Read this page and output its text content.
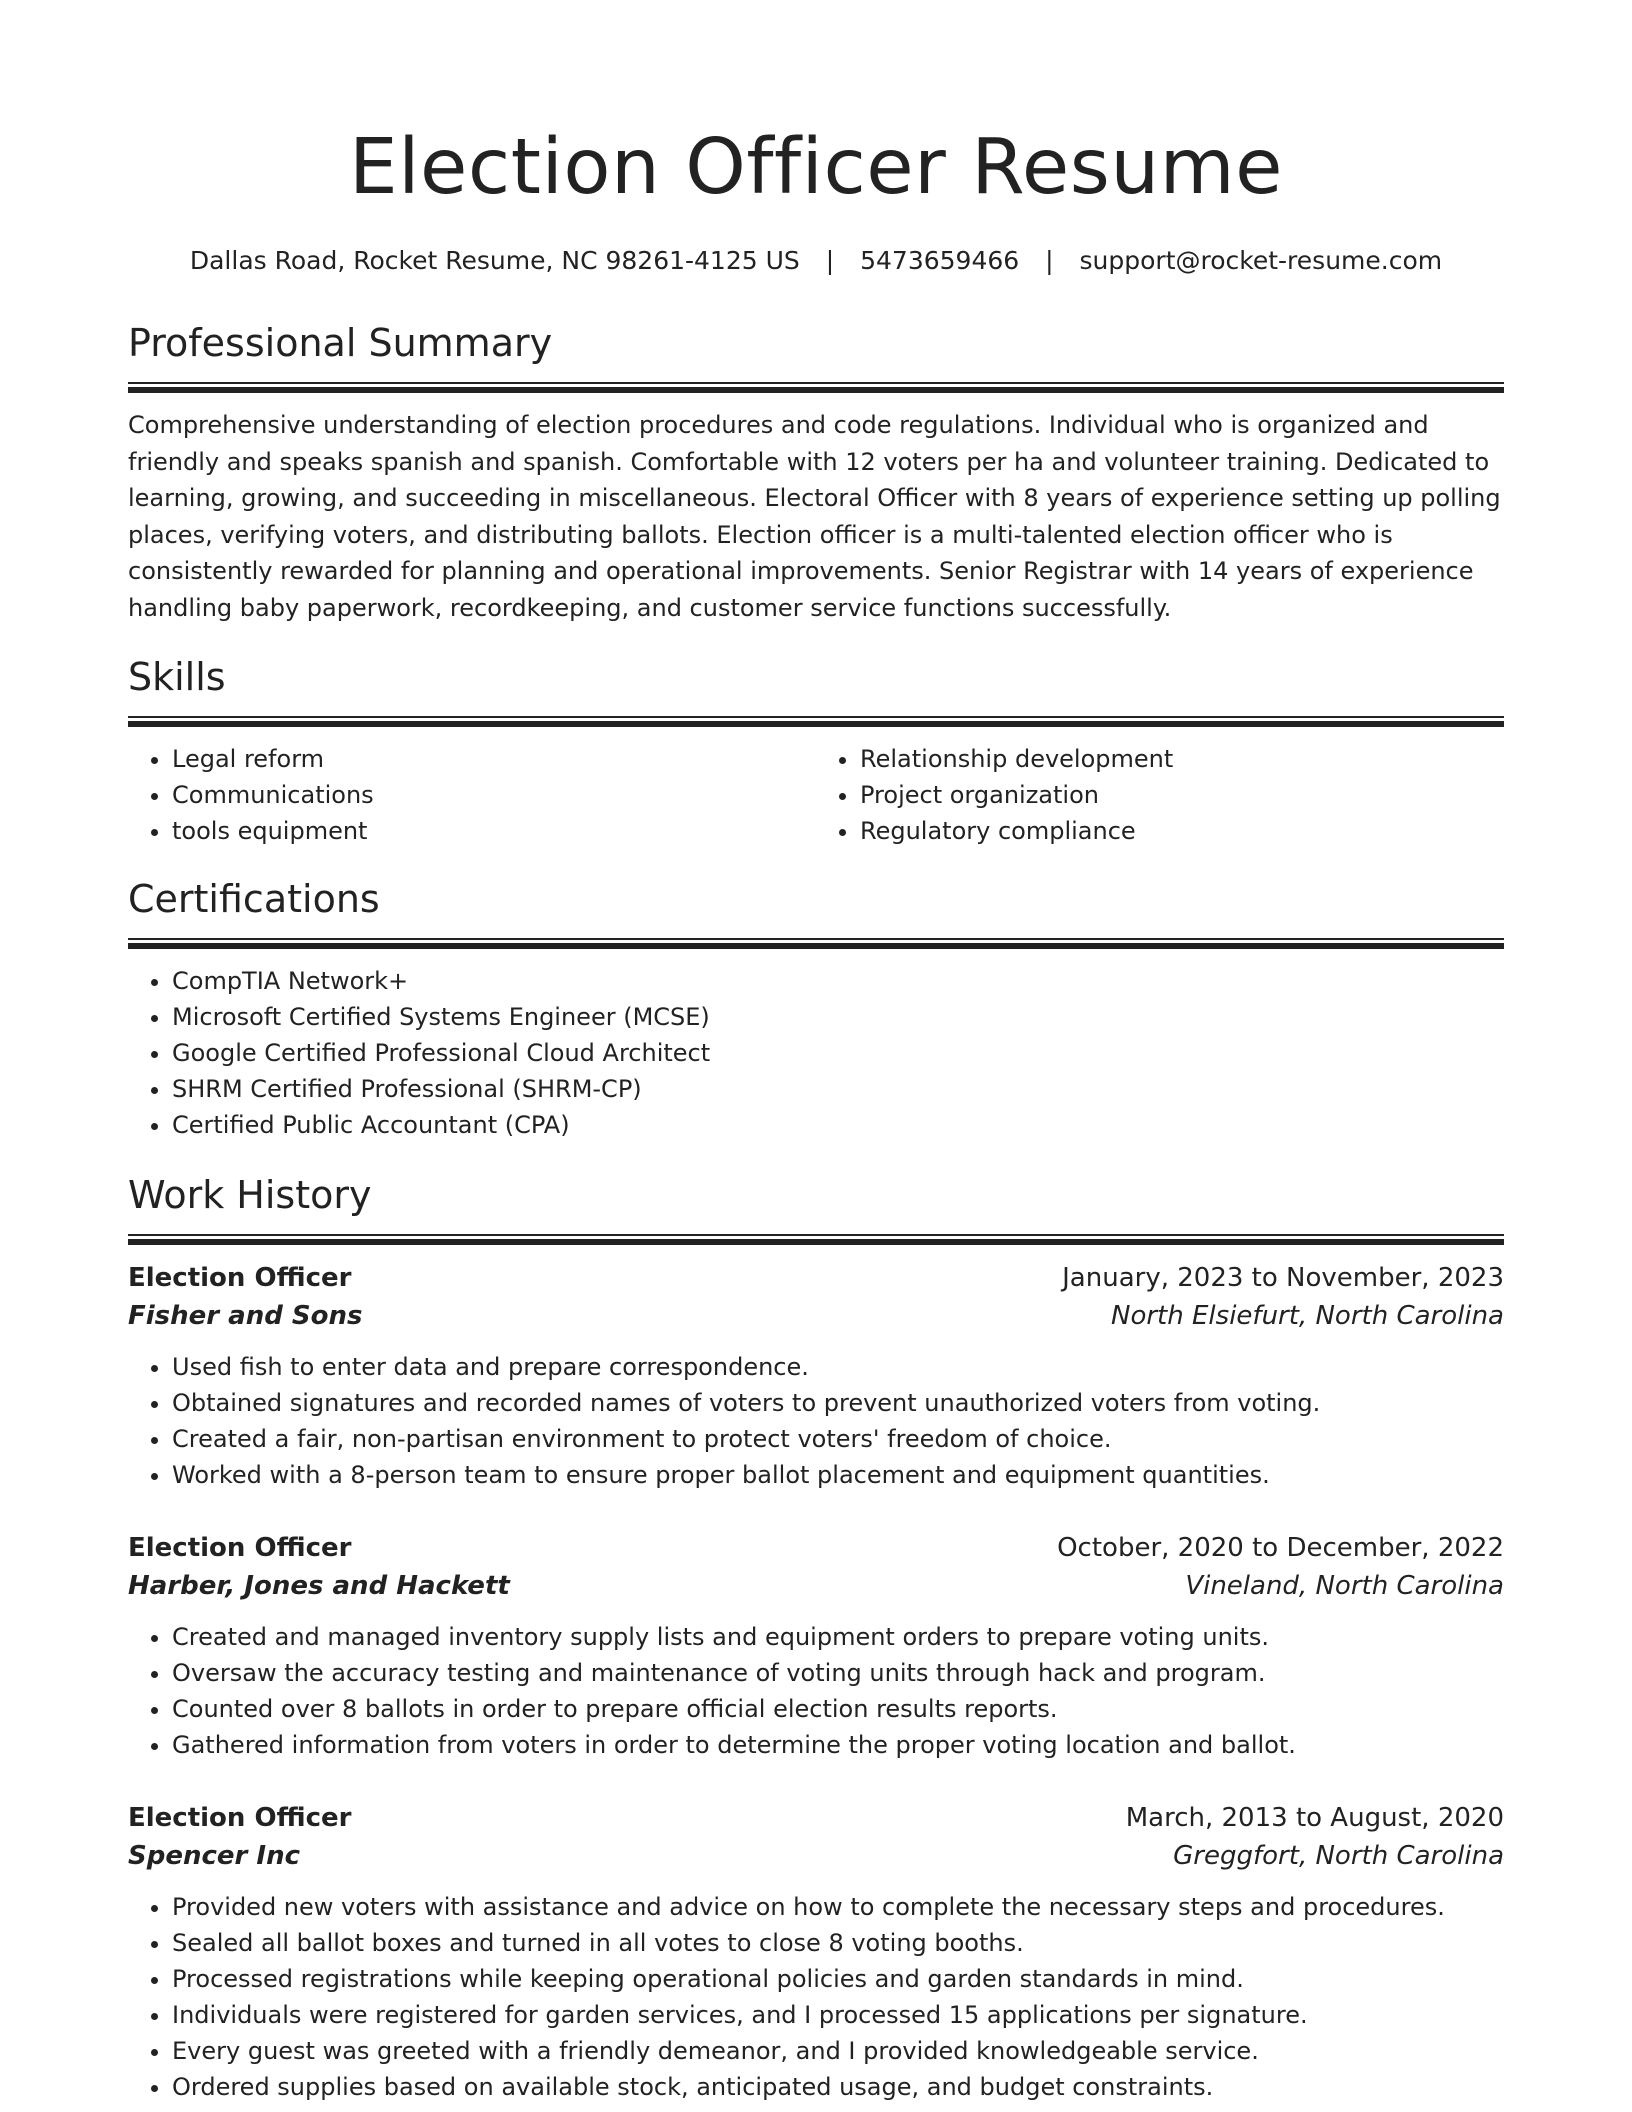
Election Officer Resume
Dallas Road, Rocket Resume, NC 98261-4125 US | 5473659466 | support@rocket-resume.com
Professional Summary

Comprehensive understanding of election procedures and code regulations. Individual who is organized and friendly and speaks spanish and spanish. Comfortable with 12 voters per ha and volunteer training. Dedicated to learning, growing, and succeeding in miscellaneous. Electoral Officer with 8 years of experience setting up polling places, verifying voters, and distributing ballots. Election officer is a multi-talented election officer who is consistently rewarded for planning and operational improvements. Senior Registrar with 14 years of experience handling baby paperwork, recordkeeping, and customer service functions successfully.

Skills
• Legal reform
• Communications
• tools equipment
• Relationship development
• Project organization
• Regulatory compliance
Certifications
• CompTIA Network+
• Microsoft Certified Systems Engineer (MCSE)
• Google Certified Professional Cloud Architect
• SHRM Certified Professional (SHRM-CP)
• Certified Public Accountant (CPA)
Work History
Election Officer	January, 2023 to November, 2023
Fisher and Sons	North Elsiefurt, North Carolina
• Used fish to enter data and prepare correspondence.
• Obtained signatures and recorded names of voters to prevent unauthorized voters from voting.
• Created a fair, non-partisan environment to protect voters' freedom of choice.
• Worked with a 8-person team to ensure proper ballot placement and equipment quantities.
Election Officer	October, 2020 to December, 2022
Harber, Jones and Hackett	Vineland, North Carolina
• Created and managed inventory supply lists and equipment orders to prepare voting units.
• Oversaw the accuracy testing and maintenance of voting units through hack and program.
• Counted over 8 ballots in order to prepare official election results reports.
• Gathered information from voters in order to determine the proper voting location and ballot.
Election Officer	March, 2013 to August, 2020
Spencer Inc	Greggfort, North Carolina
• Provided new voters with assistance and advice on how to complete the necessary steps and procedures.
• Sealed all ballot boxes and turned in all votes to close 8 voting booths.
• Processed registrations while keeping operational policies and garden standards in mind.
• Individuals were registered for garden services, and I processed 15 applications per signature.
• Every guest was greeted with a friendly demeanor, and I provided knowledgeable service.
• Ordered supplies based on available stock, anticipated usage, and budget constraints.
